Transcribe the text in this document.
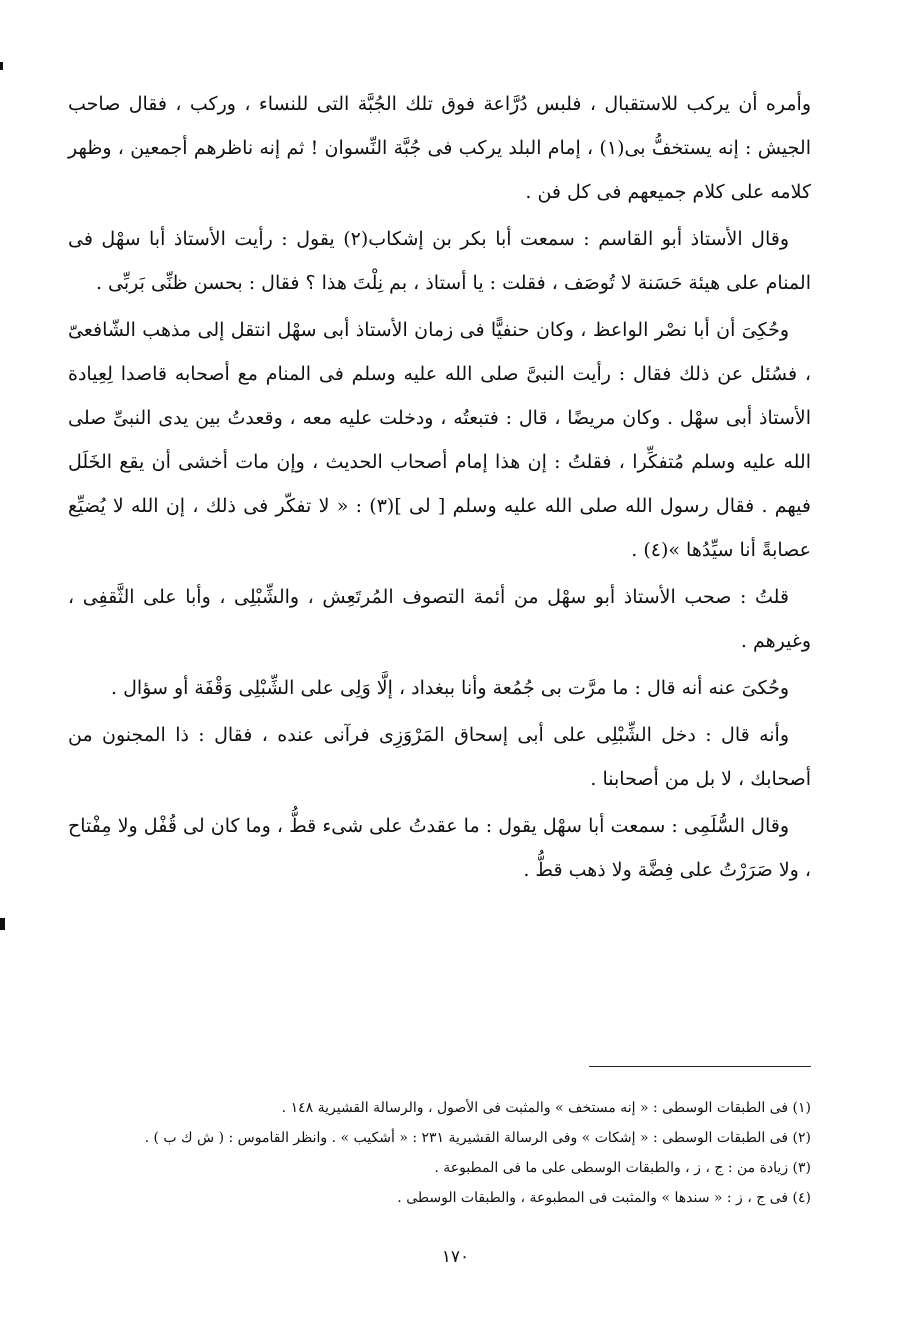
وأمره أن يركب للاستقبال ، فلبس دُرَّاعة فوق تلك الجُبَّة التى للنساء ، وركب ، فقال صاحب الجيش : إنه يستخفُّ بى(١) ، إمام البلد يركب فى جُبَّة النِّسوان ! ثم إنه ناظرهم أجمعين ، وظهر كلامه على كلام جميعهم فى كل فن .

وقال الأستاذ أبو القاسم : سمعت أبا بكر بن إشكاب(٢) يقول : رأيت الأستاذ أبا سهْل فى المنام على هيئة حَسَنة لا تُوصَف ، فقلت : يا أستاذ ، بم نِلْتَ هذا ؟ فقال : بحسن ظنِّى بَربِّى .

وحُكِىَ أن أبا نصْر الواعظ ، وكان حنفيًّا فى زمان الأستاذ أبى سهْل انتقل إلى مذهب الشّافعىّ ، فسُئل عن ذلك فقال : رأيت النبىَّ صلى الله عليه وسلم فى المنام مع أصحابه قاصدا لِعِيادة الأستاذ أبى سهْل . وكان مريضًا ، قال : فتبعتُه ، ودخلت عليه معه ، وقعدتُ بين يدى النبىِّ صلى الله عليه وسلم مُتفكِّرا ، فقلتُ : إن هذا إمام أصحاب الحديث ، وإن مات أخشى أن يقع الخَلَل فيهم . فقال رسول الله صلى الله عليه وسلم [ لى ](٣) : « لا تفكّر فى ذلك ، إن الله لا يُضيِّع عصابةً أنا سيِّدُها »(٤) .

قلتُ : صحب الأستاذ أبو سهْل من أئمة التصوف المُرتَعِش ، والشِّبْلِى ، وأبا على الثَّقفِى ، وغيرهم .

وحُكىَ عنه أنه قال : ما مرَّت بى جُمُعة وأنا ببغداد ، إلَّا وَلِى على الشِّبْلِى وَقْفَة أو سؤال .

وأنه قال : دخل الشِّبْلِى على أبى إسحاق المَرْوَزِى فرآنى عنده ، فقال : ذا المجنون من أصحابك ، لا بل من أصحابنا .

وقال السُّلَمِى : سمعت أبا سهْل يقول : ما عقدتُ على شىء قطُّ ، وما كان لى قُفْل ولا مِفْتاح ، ولا صَرَرْتُ على فِضَّة ولا ذهب قطُّ .

(١) فى الطبقات الوسطى : « إنه مستخف » والمثبت فى الأصول ، والرسالة القشيرية ١٤٨ .

(٢) فى الطبقات الوسطى : « إشكات » وفى الرسالة القشيرية ٢٣١ : « أشكيب » . وانظر القاموس : ( ش ك ب ) .

(٣) زيادة من : ج ، ز ، والطبقات الوسطى على ما فى المطبوعة .

(٤) فى ج ، ز : « سندها » والمثبت فى المطبوعة ، والطبقات الوسطى .

١٧٠
